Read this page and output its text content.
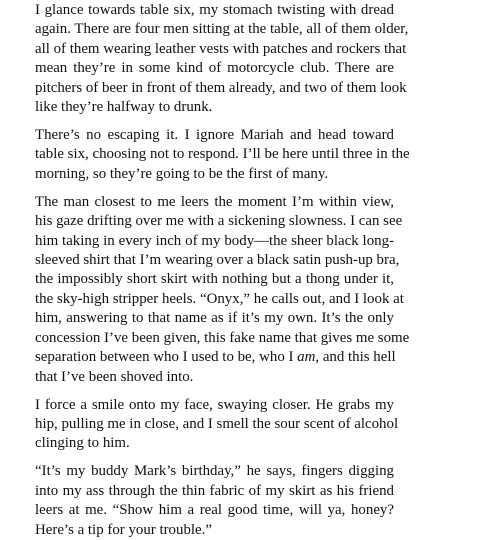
I glance towards table six, my stomach twisting with dread
again. There are four men sitting at the table, all of them older,
all of them wearing leather vests with patches and rockers that
mean they’re in some kind of motorcycle club. There are
pitchers of beer in front of them already, and two of them look
like they’re halfway to drunk.

There’s no escaping it. I ignore Mariah and head toward
table six, choosing not to respond. I’ll be here until three in the
morning, so they’re going to be the first of many.

The man closest to me leers the moment I’m within view,
his gaze drifting over me with a sickening slowness. I can see
him taking in every inch of my body—the sheer black long-
sleeved shirt that I’m wearing over a black satin push-up bra,
the impossibly short skirt with nothing but a thong under it,
the sky-high stripper heels. “Onyx,” he calls out, and I look at
him, answering to that name as if it’s my own. It’s the only
concession I’ve been given, this fake name that gives me some
separation between who I used to be, who I am, and this hell
that I’ve been shoved into.

I force a smile onto my face, swaying closer. He grabs my
hip, pulling me in close, and I smell the sour scent of alcohol
clinging to him.

“It’s my buddy Mark’s birthday,” he says, fingers digging
into my ass through the thin fabric of my skirt as his friend
leers at me. “Show him a real good time, will ya, honey?
Here’s a tip for your trouble.”
